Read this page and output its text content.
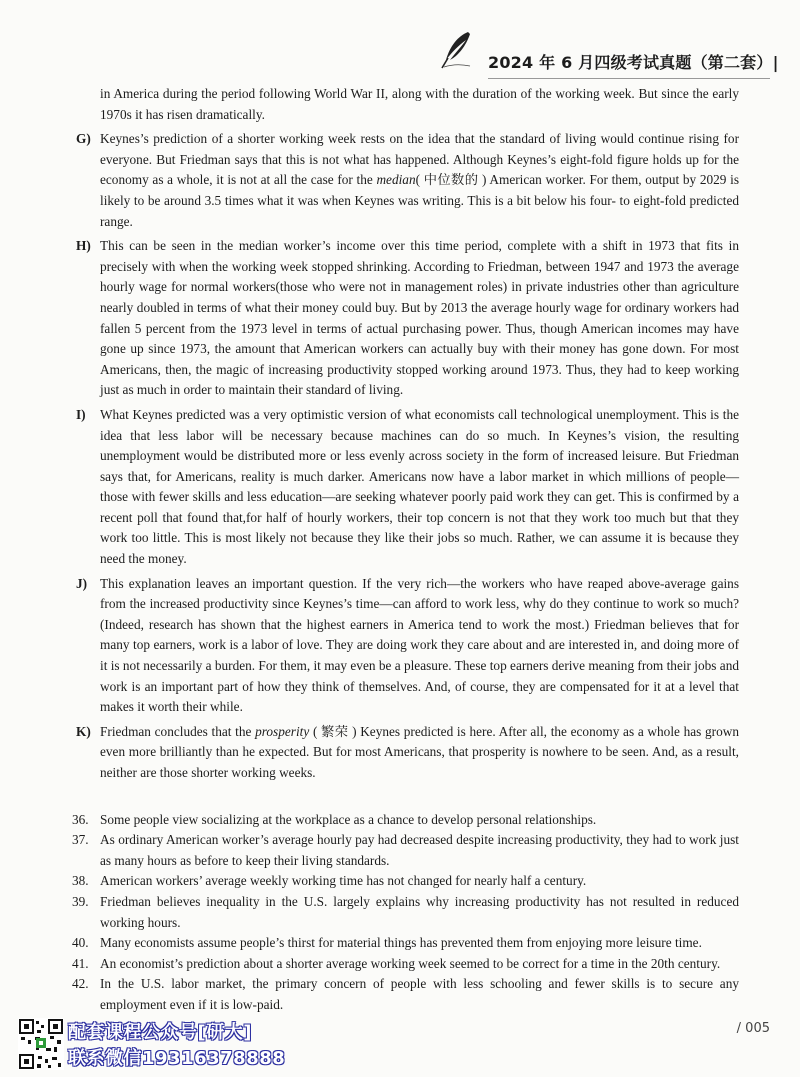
2024 年 6 月四级考试真题（第二套）|

in America during the period following World War II, along with the duration of the working week. But since the early 1970s it has risen dramatically.

G) Keynes’s prediction of a shorter working week rests on the idea that the standard of living would continue rising for everyone. But Friedman says that this is not what has happened. Although Keynes’s eight-fold figure holds up for the economy as a whole, it is not at all the case for the median( 中位数的 ) American worker. For them, output by 2029 is likely to be around 3.5 times what it was when Keynes was writing. This is a bit below his four- to eight-fold predicted range.

H) This can be seen in the median worker’s income over this time period, complete with a shift in 1973 that fits in precisely with when the working week stopped shrinking. According to Friedman, between 1947 and 1973 the average hourly wage for normal workers(those who were not in management roles) in private industries other than agriculture nearly doubled in terms of what their money could buy. But by 2013 the average hourly wage for ordinary workers had fallen 5 percent from the 1973 level in terms of actual purchasing power. Thus, though American incomes may have gone up since 1973, the amount that American workers can actually buy with their money has gone down. For most Americans, then, the magic of increasing productivity stopped working around 1973. Thus, they had to keep working just as much in order to maintain their standard of living.

I) What Keynes predicted was a very optimistic version of what economists call technological unemployment. This is the idea that less labor will be necessary because machines can do so much. In Keynes’s vision, the resulting unemployment would be distributed more or less evenly across society in the form of increased leisure. But Friedman says that, for Americans, reality is much darker. Americans now have a labor market in which millions of people—those with fewer skills and less education—are seeking whatever poorly paid work they can get. This is confirmed by a recent poll that found that,for half of hourly workers, their top concern is not that they work too much but that they work too little. This is most likely not because they like their jobs so much. Rather, we can assume it is because they need the money.

J) This explanation leaves an important question. If the very rich—the workers who have reaped above-average gains from the increased productivity since Keynes’s time—can afford to work less, why do they continue to work so much? (Indeed, research has shown that the highest earners in America tend to work the most.) Friedman believes that for many top earners, work is a labor of love. They are doing work they care about and are interested in, and doing more of it is not necessarily a burden. For them, it may even be a pleasure. These top earners derive meaning from their jobs and work is an important part of how they think of themselves. And, of course, they are compensated for it at a level that makes it worth their while.

K) Friedman concludes that the prosperity ( 繁荣 ) Keynes predicted is here. After all, the economy as a whole has grown even more brilliantly than he expected. But for most Americans, that prosperity is nowhere to be seen. And, as a result, neither are those shorter working weeks.

36. Some people view socializing at the workplace as a chance to develop personal relationships.

37. As ordinary American worker’s average hourly pay had decreased despite increasing productivity, they had to work just as many hours as before to keep their living standards.

38. American workers’ average weekly working time has not changed for nearly half a century.

39. Friedman believes inequality in the U.S. largely explains why increasing productivity has not resulted in reduced working hours.

40. Many economists assume people’s thirst for material things has prevented them from enjoying more leisure time.

41. An economist’s prediction about a shorter average working week seemed to be correct for a time in the 20th century.

42. In the U.S. labor market, the primary concern of people with less schooling and fewer skills is to secure any employment even if it is low-paid.

配套课程公众号[研大]
联系微信19316378888
/ 005
